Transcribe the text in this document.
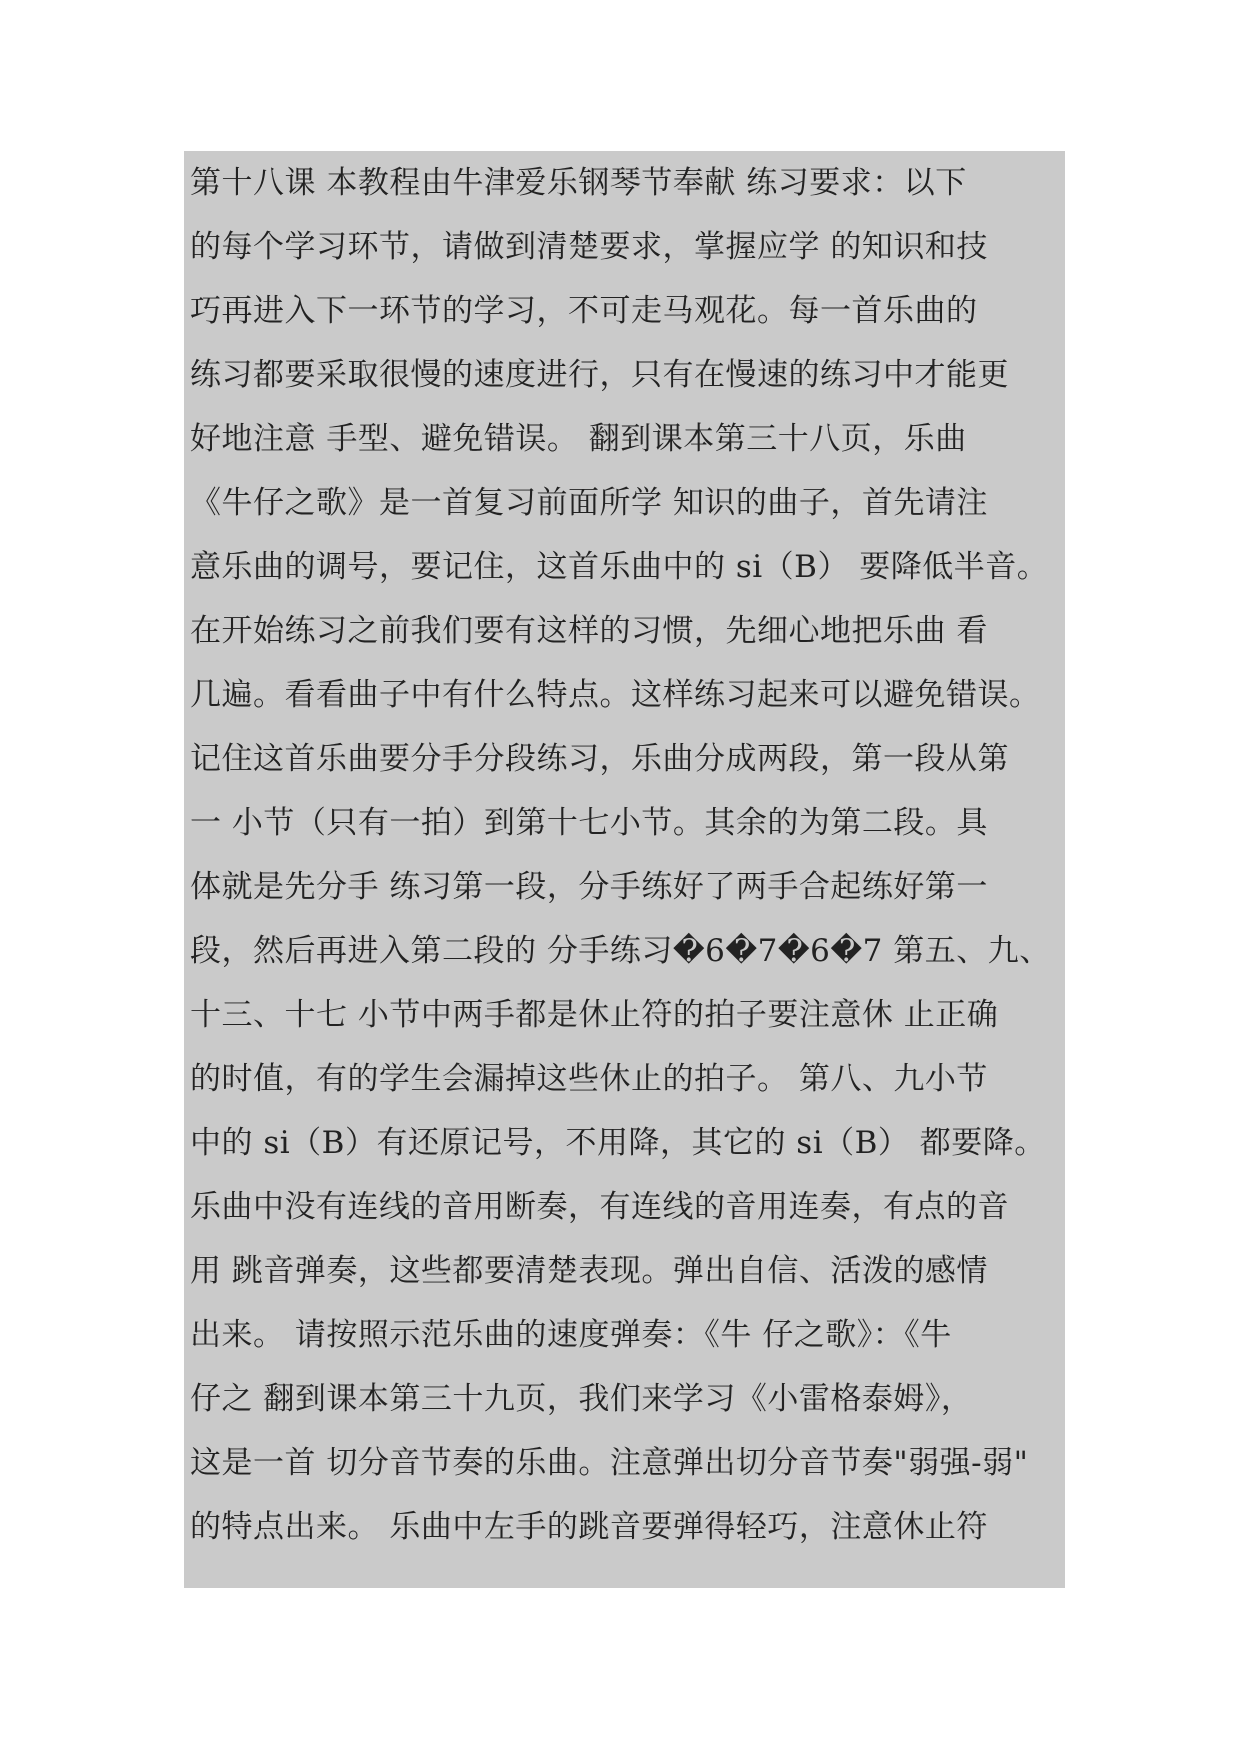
第十八课 本教程由牛津爱乐钢琴节奉献 练习要求：以下
的每个学习环节，请做到清楚要求，掌握应学 的知识和技
巧再进入下一环节的学习，不可走马观花。每一首乐曲的
练习都要采取很慢的速度进行，只有在慢速的练习中才能更
好地注意 手型、避免错误。 翻到课本第三十八页，乐曲
《牛仔之歌》是一首复习前面所学 知识的曲子，首先请注
意乐曲的调号，要记住，这首乐曲中的 si（B） 要降低半音。
在开始练习之前我们要有这样的习惯，先细心地把乐曲 看
几遍。看看曲子中有什么特点。这样练习起来可以避免错误。
记住这首乐曲要分手分段练习，乐曲分成两段，第一段从第
一 小节（只有一拍）到第十七小节。其余的为第二段。具
体就是先分手 练习第一段，分手练好了两手合起练好第一
段，然后再进入第二段的 分手练习�6�7�6�7 第五、九、
十三、十七 小节中两手都是休止符的拍子要注意休 止正确
的时值，有的学生会漏掉这些休止的拍子。 第八、九小节
中的 si（B）有还原记号，不用降，其它的 si（B） 都要降。
乐曲中没有连线的音用断奏，有连线的音用连奏，有点的音
用 跳音弹奏，这些都要清楚表现。弹出自信、活泼的感情
出来。 请按照示范乐曲的速度弹奏：《牛 仔之歌》：《牛
仔之 翻到课本第三十九页，我们来学习《小雷格泰姆》，
这是一首 切分音节奏的乐曲。注意弹出切分音节奏"弱强-弱"
的特点出来。 乐曲中左手的跳音要弹得轻巧，注意休止符
